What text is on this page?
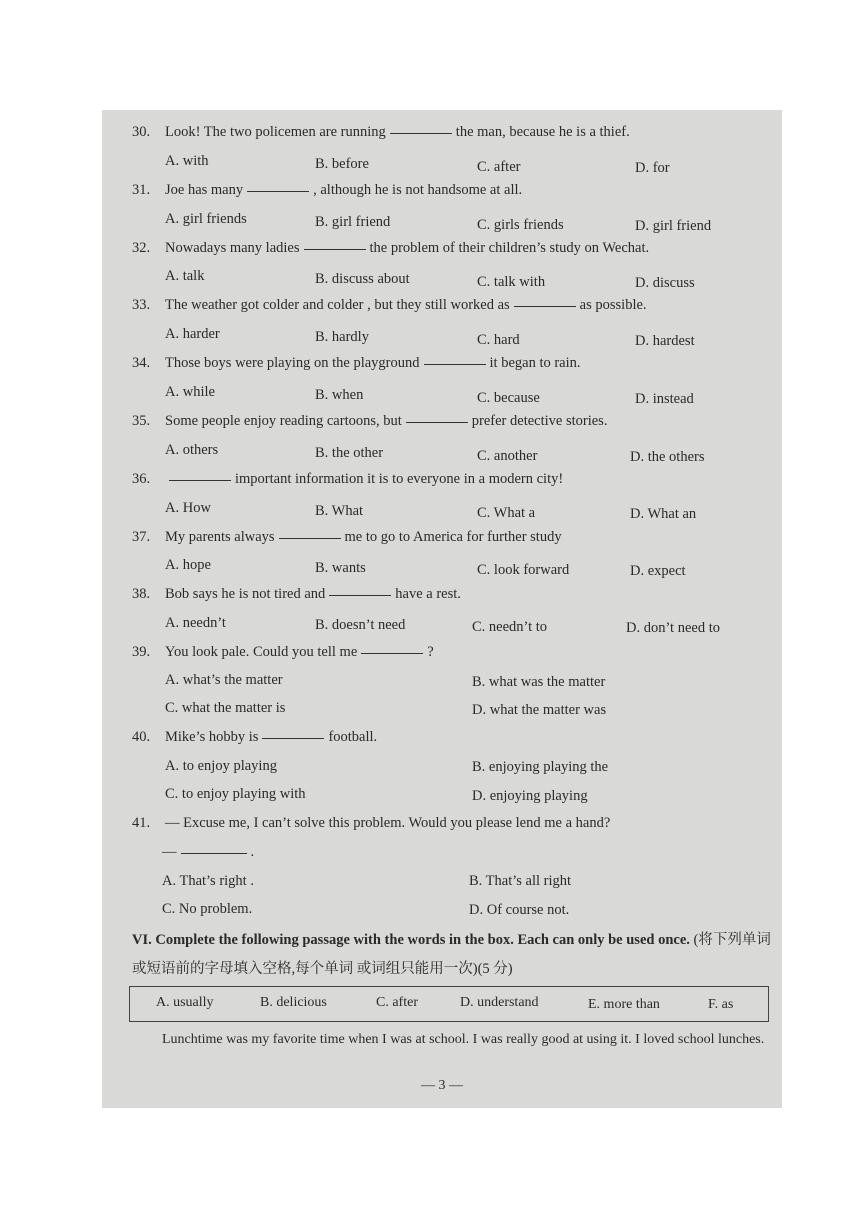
30. Look! The two policemen are running	the man, because he is a thief.
A. with	B. before	C. after	D. for
31. Joe has many	, although he is not handsome at all.
A. girl friends	B. girl friend	C. girls friends	D. girl friend
32. Nowadays many ladies	the problem of their children’s study on Wechat.
A. talk	B. discuss about	C. talk with	D. discuss
33. The weather got colder and colder , but they still worked as	as possible.
A. harder	B. hardly	C. hard	D. hardest
34. Those boys were playing on the playground	it began to rain.
A. while	B. when	C. because	D. instead
35. Some people enjoy reading cartoons, but	prefer detective stories.
A. others	B. the other	C. another	D. the others
36.	important information it is to everyone in a modern city!
A. How	B. What	C. What a	D. What an
37. My parents always	me to go to America for further study
A. hope	B. wants	C. look forward	D. expect
38. Bob says he is not tired and	have a rest.
A. needn’t	B. doesn’t need	C. needn’t to	D. don’t need to
39. You look pale. Could you tell me	?
A. what’s the matter	B. what was the matter
C. what the matter is	D. what the matter was
40. Mike’s hobby is	football.
A. to enjoy playing	B. enjoying playing the
C. to enjoy playing with	D. enjoying playing
41. — Excuse me, I can’t solve this problem. Would you please lend me a hand?
—	.
A. That’s right .	B. That’s all right
C. No problem.	D. Of course not.
VI. Complete the following passage with the words in the box. Each can only be used once. (将下列单词或短语前的字母填入空格,每个单词 或词组只能用一次)(5 分)
A. usually	B. delicious	C. after	D. understand	E. more than	F. as
Lunchtime was my favorite time when I was at school. I was really good at using it. I loved school lunches.
— 3 —
